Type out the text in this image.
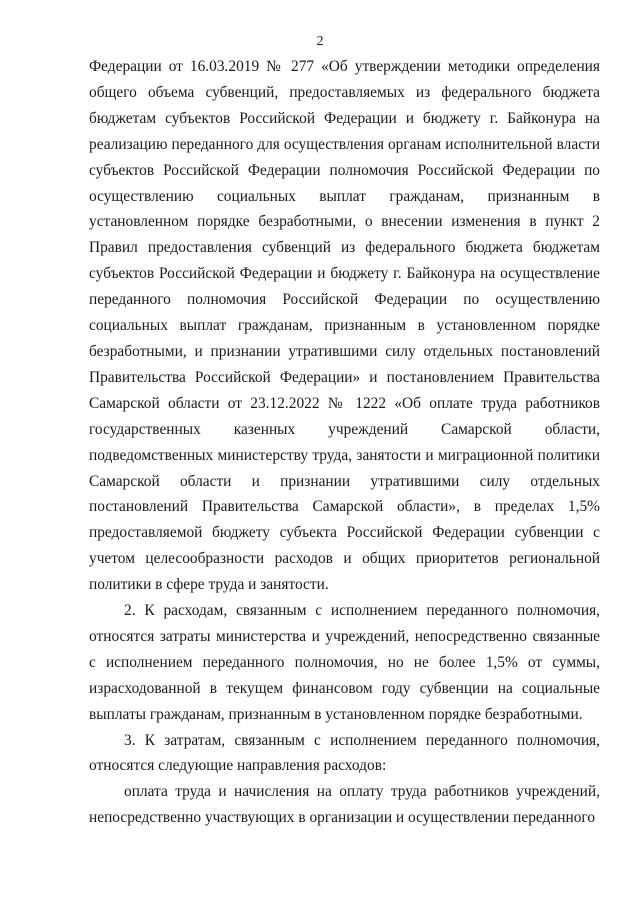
2

Федерации от 16.03.2019 № 277 «Об утверждении методики определения общего объема субвенций, предоставляемых из федерального бюджета бюджетам субъектов Российской Федерации и бюджету г. Байконура на реализацию переданного для осуществления органам исполнительной власти субъектов Российской Федерации полномочия Российской Федерации по осуществлению социальных выплат гражданам, признанным в установленном порядке безработными, о внесении изменения в пункт 2 Правил предоставления субвенций из федерального бюджета бюджетам субъектов Российской Федерации и бюджету г. Байконура на осуществление переданного полномочия Российской Федерации по осуществлению социальных выплат гражданам, признанным в установленном порядке безработными, и признании утратившими силу отдельных постановлений Правительства Российской Федерации» и постановлением Правительства Самарской области от 23.12.2022 № 1222 «Об оплате труда работников государственных казенных учреждений Самарской области, подведомственных министерству труда, занятости и миграционной политики Самарской области и признании утратившими силу отдельных постановлений Правительства Самарской области», в пределах 1,5% предоставляемой бюджету субъекта Российской Федерации субвенции с учетом целесообразности расходов и общих приоритетов региональной политики в сфере труда и занятости.

2. К расходам, связанным с исполнением переданного полномочия, относятся затраты министерства и учреждений, непосредственно связанные с исполнением переданного полномочия, но не более 1,5% от суммы, израсходованной в текущем финансовом году субвенции на социальные выплаты гражданам, признанным в установленном порядке безработными.

3. К затратам, связанным с исполнением переданного полномочия, относятся следующие направления расходов:

оплата труда и начисления на оплату труда работников учреждений, непосредственно участвующих в организации и осуществлении переданного
